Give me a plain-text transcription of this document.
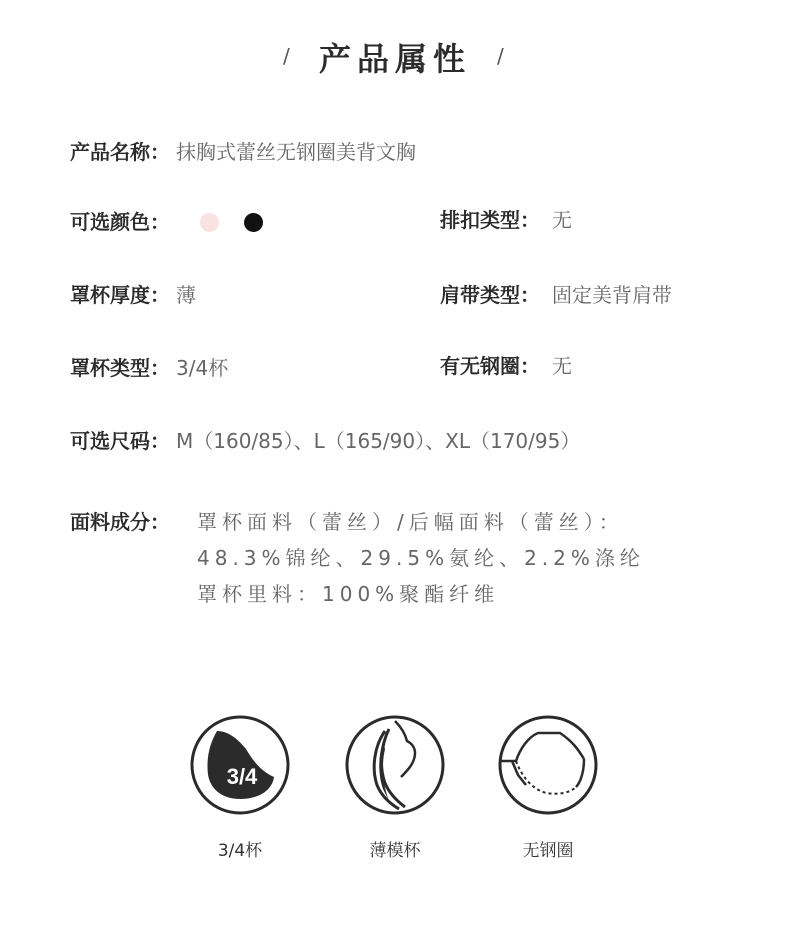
/ 产品属性	/
产品名称： 抹胸式蕾丝无钢圈美背文胸
可选颜色：	排扣类型： 无
罩杯厚度： 薄	肩带类型： 固定美背肩带
罩杯类型： 3/4杯	有无钢圈： 无
可选尺码： M（160/85）、L（165/90）、XL（170/95）
面料成分： 罩杯面料（蕾丝）/后幅面料（蕾丝）：
48.3%锦纶、29.5%氨纶、2.2%涤纶
罩杯里料：100%聚酯纤维
3/4
3/4杯	薄模杯	无钢圈
